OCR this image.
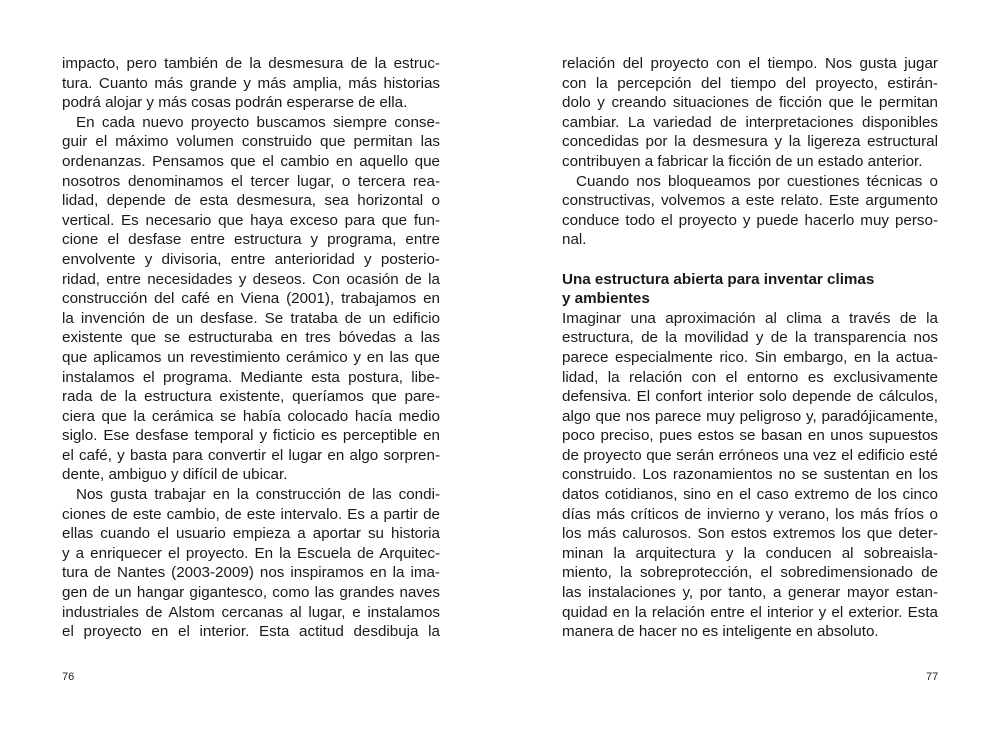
impacto, pero también de la desmesura de la estruc-
tura. Cuanto más grande y más amplia, más historias
podrá alojar y más cosas podrán esperarse de ella.
En cada nuevo proyecto buscamos siempre conse-
guir el máximo volumen construido que permitan las
ordenanzas. Pensamos que el cambio en aquello que
nosotros denominamos el tercer lugar, o tercera rea-
lidad, depende de esta desmesura, sea horizontal o
vertical. Es necesario que haya exceso para que fun-
cione el desfase entre estructura y programa, entre
envolvente y divisoria, entre anterioridad y posterio-
ridad, entre necesidades y deseos. Con ocasión de la
construcción del café en Viena (2001), trabajamos en
la invención de un desfase. Se trataba de un edificio
existente que se estructuraba en tres bóvedas a las
que aplicamos un revestimiento cerámico y en las que
instalamos el programa. Mediante esta postura, libe-
rada de la estructura existente, queríamos que pare-
ciera que la cerámica se había colocado hacía medio
siglo. Ese desfase temporal y ficticio es perceptible en
el café, y basta para convertir el lugar en algo sorpren-
dente, ambiguo y difícil de ubicar.
Nos gusta trabajar en la construcción de las condi-
ciones de este cambio, de este intervalo. Es a partir de
ellas cuando el usuario empieza a aportar su historia
y a enriquecer el proyecto. En la Escuela de Arquitec-
tura de Nantes (2003-2009) nos inspiramos en la ima-
gen de un hangar gigantesco, como las grandes naves
industriales de Alstom cercanas al lugar, e instalamos
el proyecto en el interior. Esta actitud desdibuja la
76
relación del proyecto con el tiempo. Nos gusta jugar
con la percepción del tiempo del proyecto, estirán-
dolo y creando situaciones de ficción que le permitan
cambiar. La variedad de interpretaciones disponibles
concedidas por la desmesura y la ligereza estructural
contribuyen a fabricar la ficción de un estado anterior.
Cuando nos bloqueamos por cuestiones técnicas o
constructivas, volvemos a este relato. Este argumento
conduce todo el proyecto y puede hacerlo muy perso-
nal.
Una estructura abierta para inventar climas
y ambientes
Imaginar una aproximación al clima a través de la
estructura, de la movilidad y de la transparencia nos
parece especialmente rico. Sin embargo, en la actua-
lidad, la relación con el entorno es exclusivamente
defensiva. El confort interior solo depende de cálculos,
algo que nos parece muy peligroso y, paradójicamente,
poco preciso, pues estos se basan en unos supuestos
de proyecto que serán erróneos una vez el edificio esté
construido. Los razonamientos no se sustentan en los
datos cotidianos, sino en el caso extremo de los cinco
días más críticos de invierno y verano, los más fríos o
los más calurosos. Son estos extremos los que deter-
minan la arquitectura y la conducen al sobreaisla-
miento, la sobreprotección, el sobredimensionado de
las instalaciones y, por tanto, a generar mayor estan-
quidad en la relación entre el interior y el exterior. Esta
manera de hacer no es inteligente en absoluto.
77
